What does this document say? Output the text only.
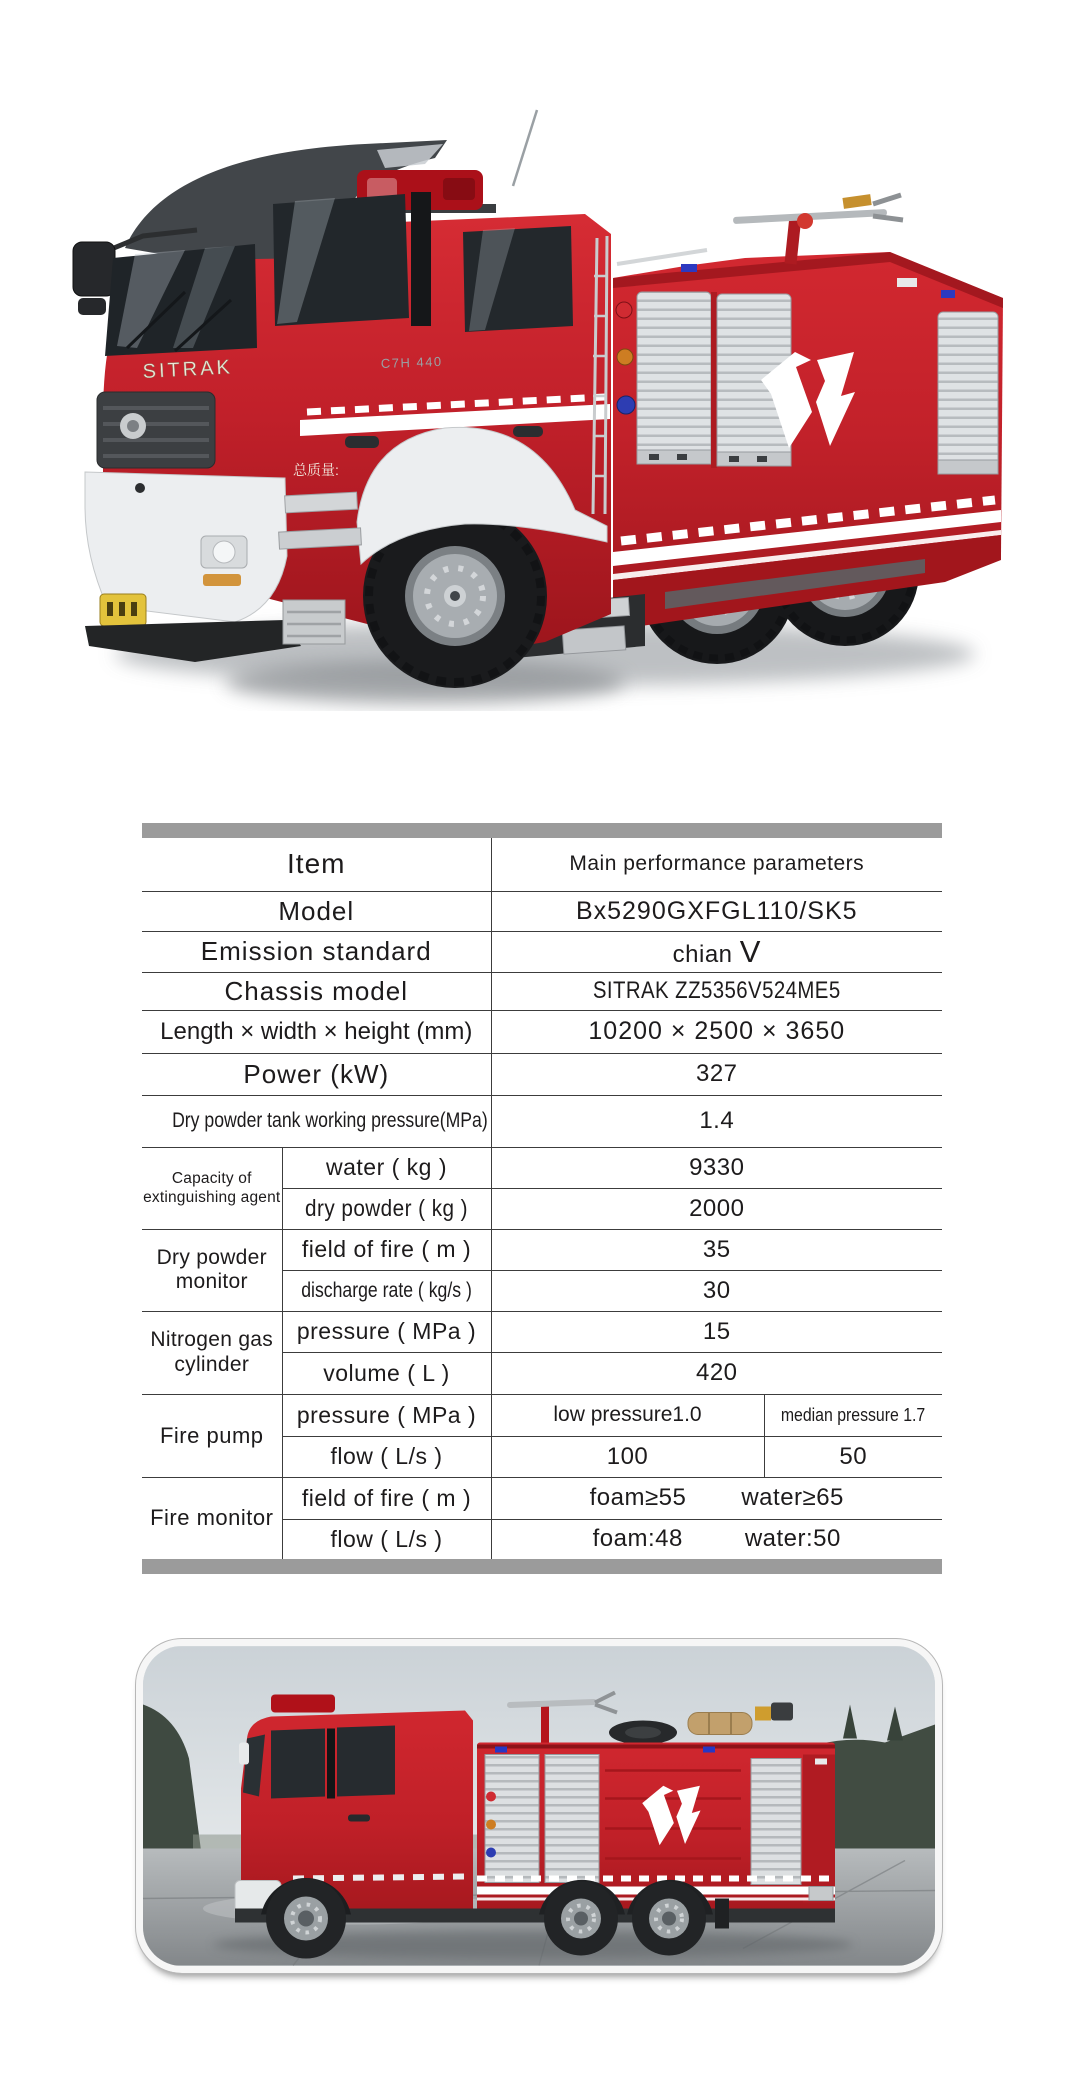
SITRAK	C7H 440
总质量:
Item		Main performance parameters	
Model		Bx5290GXFGL110/SK5	
Emission standard		chian V	
Chassis model		SITRAK ZZ5356V524ME5	
Length × width × height (mm)		10200 × 2500 × 3650	
Power (kW)		327	
Dry powder tank working pressure(MPa)		1.4	

Capacity of
extinguishing agent	water ( kg )	9330	
	dry powder ( kg )	2000	

Dry powder
monitor	field of fire ( m )	35	
	discharge rate ( kg/s )	30	

Nitrogen gas
cylinder	pressure ( MPa )	15	
	volume ( L )	420	
Fire pump	pressure ( MPa )	low pressure1.0	median pressure 1.7
	flow ( L/s )	100	50
Fire monitor	field of fire ( m )	foam≥55 water≥65	

	flow ( L/s )	foam:48 water:50	
